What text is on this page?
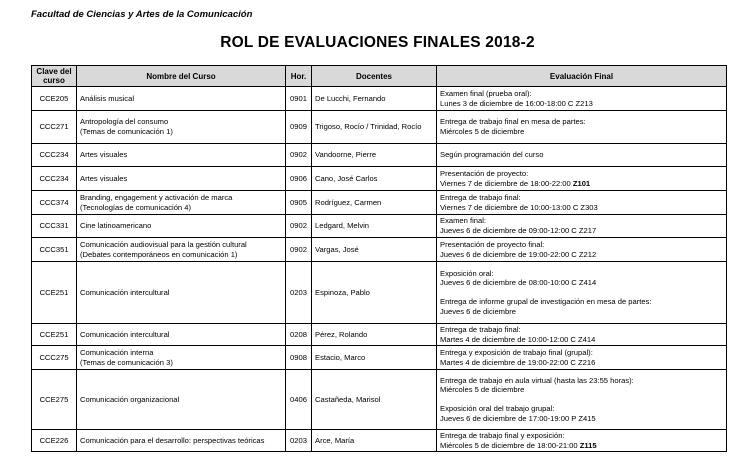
Facultad de Ciencias y Artes de la Comunicación
ROL DE EVALUACIONES FINALES 2018-2
Clave del curso	Nombre del Curso	Hor.	Docentes	Evaluación Final
CCE205	Análisis musical	0901	De Lucchi, Fernando	Examen final (prueba oral):
Lunes 3 de diciembre de 16:00-18:00 C Z213

CCC271	Antropología del consumo
(Temas de comunicación 1)	0909	Trigoso, Rocío / Trinidad, Rocío	Entrega de trabajo final en mesa de partes:
Miércoles 5 de diciembre

CCC234	Artes visuales	0902	Vandoorne, Pierre	Según programación del curso

CCC234	Artes visuales	0906	Cano, José Carlos	Presentación de proyecto:
Viernes 7 de diciembre de 18:00-22:00 Z101

CCC374	Branding, engagement y activación de marca
(Tecnologías de comunicación 4)	0905	Rodríguez, Carmen	Entrega de trabajo final:
Viernes 7 de diciembre de 10:00-13:00 C Z303

CCC331	Cine latinoamericano	0902	Ledgard, Melvin	Examen final:
Jueves 6 de diciembre de 09:00-12:00 C Z217

CCC351	Comunicación audiovisual para la gestión cultural
(Debates contemporáneos en comunicación 1)	0902	Vargas, José	Presentación de proyecto final:
Jueves 6 de diciembre de 19:00-22:00 C Z212

CCE251	Comunicación intercultural	0203	Espinoza, Pablo	Exposición oral:
Jueves 6 de diciembre de 08:00-10:00 C Z414
Entrega de informe grupal de investigación en mesa de partes:
Jueves 6 de diciembre

CCE251	Comunicación intercultural	0208	Pérez, Rolando	Entrega de trabajo final:
Martes 4 de diciembre de 10:00-12:00 C Z414

CCC275	Comunicación interna
(Temas de comunicación 3)	0908	Estacio, Marco	Entrega y exposición de trabajo final (grupal):
Martes 4 de diciembre de 19:00-22:00 C Z216

CCE275	Comunicación organizacional	0406	Castañeda, Marisol	Entrega de trabajo en aula virtual (hasta las 23:55 horas):
Miércoles 5 de diciembre
Exposición oral del trabajo grupal:
Jueves 6 de diciembre de 17:00-19:00 P Z415

CCE226	Comunicación para el desarrollo: perspectivas teóricas	0203	Arce, María	Entrega de trabajo final y exposición:
Miércoles 5 de diciembre de 18:00-21:00 Z115
